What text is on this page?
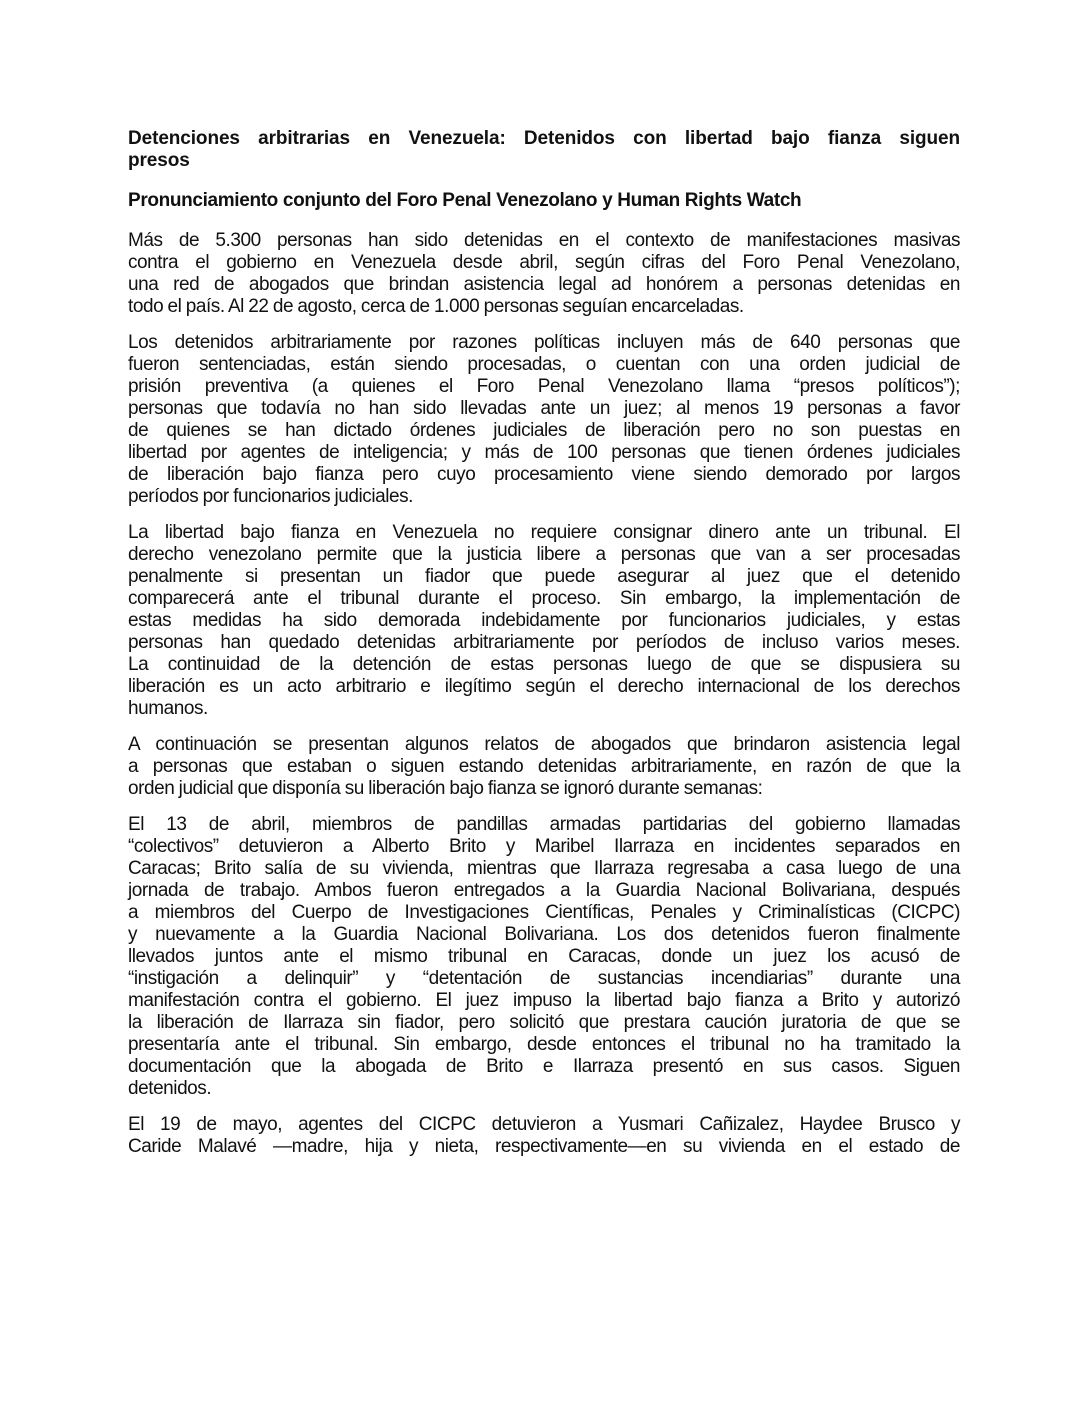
Detenciones arbitrarias en Venezuela: Detenidos con libertad bajo fianza siguen
presos
Pronunciamiento conjunto del Foro Penal Venezolano y Human Rights Watch

Más de 5.300 personas han sido detenidas en el contexto de manifestaciones masivas
contra el gobierno en Venezuela desde abril, según cifras del Foro Penal Venezolano,
una red de abogados que brindan asistencia legal ad honórem a personas detenidas en
todo el país. Al 22 de agosto, cerca de 1.000 personas seguían encarceladas.

Los detenidos arbitrariamente por razones políticas incluyen más de 640 personas que
fueron sentenciadas, están siendo procesadas, o cuentan con una orden judicial de
prisión preventiva (a quienes el Foro Penal Venezolano llama “presos políticos”);
personas que todavía no han sido llevadas ante un juez; al menos 19 personas a favor
de quienes se han dictado órdenes judiciales de liberación pero no son puestas en
libertad por agentes de inteligencia; y más de 100 personas que tienen órdenes judiciales
de liberación bajo fianza pero cuyo procesamiento viene siendo demorado por largos
períodos por funcionarios judiciales.

La libertad bajo fianza en Venezuela no requiere consignar dinero ante un tribunal. El
derecho venezolano permite que la justicia libere a personas que van a ser procesadas
penalmente si presentan un fiador que puede asegurar al juez que el detenido
comparecerá ante el tribunal durante el proceso. Sin embargo, la implementación de
estas medidas ha sido demorada indebidamente por funcionarios judiciales, y estas
personas han quedado detenidas arbitrariamente por períodos de incluso varios meses.
La continuidad de la detención de estas personas luego de que se dispusiera su
liberación es un acto arbitrario e ilegítimo según el derecho internacional de los derechos
humanos.

A continuación se presentan algunos relatos de abogados que brindaron asistencia legal
a personas que estaban o siguen estando detenidas arbitrariamente, en razón de que la
orden judicial que disponía su liberación bajo fianza se ignoró durante semanas:

El 13 de abril, miembros de pandillas armadas partidarias del gobierno llamadas
“colectivos” detuvieron a Alberto Brito y Maribel Ilarraza en incidentes separados en
Caracas; Brito salía de su vivienda, mientras que Ilarraza regresaba a casa luego de una
jornada de trabajo. Ambos fueron entregados a la Guardia Nacional Bolivariana, después
a miembros del Cuerpo de Investigaciones Científicas, Penales y Criminalísticas (CICPC)
y nuevamente a la Guardia Nacional Bolivariana. Los dos detenidos fueron finalmente
llevados juntos ante el mismo tribunal en Caracas, donde un juez los acusó de
“instigación a delinquir” y “detentación de sustancias incendiarias” durante una
manifestación contra el gobierno. El juez impuso la libertad bajo fianza a Brito y autorizó
la liberación de Ilarraza sin fiador, pero solicitó que prestara caución juratoria de que se
presentaría ante el tribunal. Sin embargo, desde entonces el tribunal no ha tramitado la
documentación que la abogada de Brito e Ilarraza presentó en sus casos. Siguen
detenidos.

El 19 de mayo, agentes del CICPC detuvieron a Yusmari Cañizalez, Haydee Brusco y
Caride Malavé —madre, hija y nieta, respectivamente—en su vivienda en el estado de
